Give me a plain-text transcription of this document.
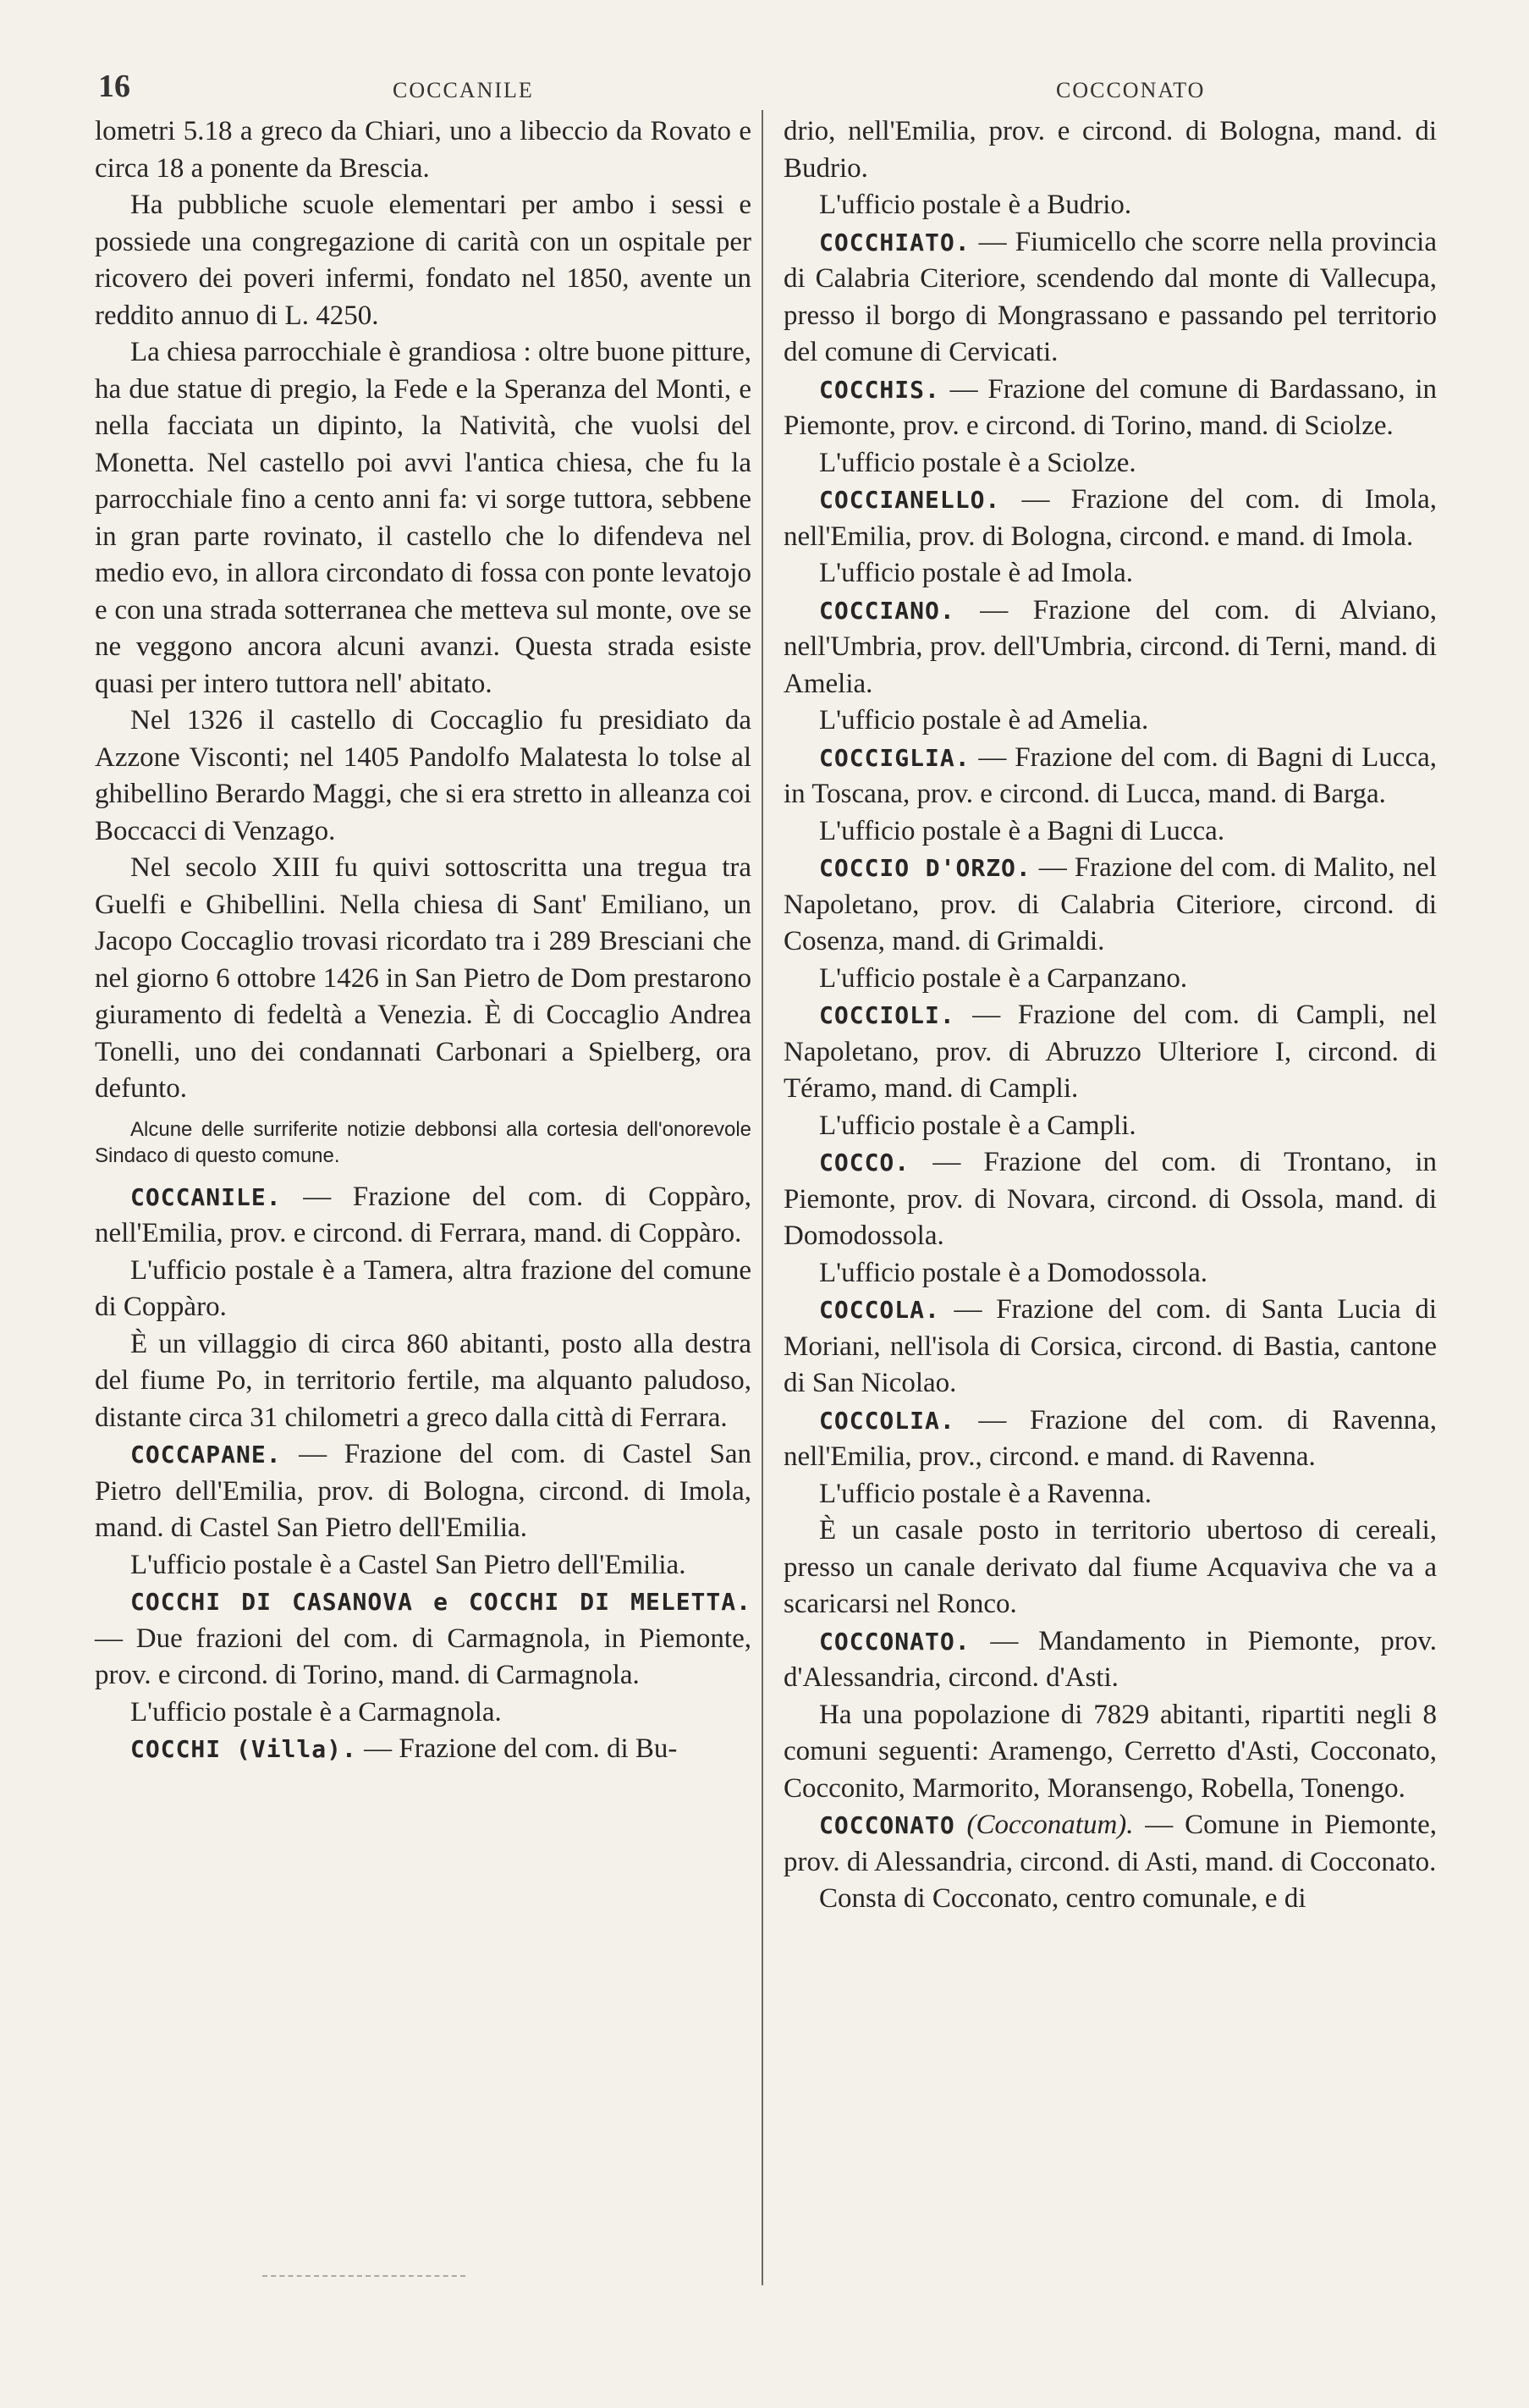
16	COCCANILE	COCCONATO

lometri 5.18 a greco da Chiari, uno a libeccio da Rovato e circa 18 a ponente da Brescia.

Ha pubbliche scuole elementari per ambo i sessi e possiede una congregazione di carità con un ospitale per ricovero dei poveri infermi, fondato nel 1850, avente un reddito annuo di L. 4250.

La chiesa parrocchiale è grandiosa : oltre buone pitture, ha due statue di pregio, la Fede e la Speranza del Monti, e nella facciata un dipinto, la Natività, che vuolsi del Monetta. Nel castello poi avvi l'antica chiesa, che fu la parrocchiale fino a cento anni fa: vi sorge tuttora, sebbene in gran parte rovinato, il castello che lo difendeva nel medio evo, in allora circondato di fossa con ponte levatojo e con una strada sotterranea che metteva sul monte, ove se ne veggono ancora alcuni avanzi. Questa strada esiste quasi per intero tuttora nell' abitato.

Nel 1326 il castello di Coccaglio fu presidiato da Azzone Visconti; nel 1405 Pandolfo Malatesta lo tolse al ghibellino Berardo Maggi, che si era stretto in alleanza coi Boccacci di Venzago.

Nel secolo XIII fu quivi sottoscritta una tregua tra Guelfi e Ghibellini. Nella chiesa di Sant' Emiliano, un Jacopo Coccaglio trovasi ricordato tra i 289 Bresciani che nel giorno 6 ottobre 1426 in San Pietro de Dom prestarono giuramento di fedeltà a Venezia. È di Coccaglio Andrea Tonelli, uno dei condannati Carbonari a Spielberg, ora defunto.

Alcune delle surriferite notizie debbonsi alla cortesia dell'onorevole Sindaco di questo comune.

COCCANILE. — Frazione del com. di Coppàro, nell'Emilia, prov. e circond. di Ferrara, mand. di Coppàro.

L'ufficio postale è a Tamera, altra frazione del comune di Coppàro.

È un villaggio di circa 860 abitanti, posto alla destra del fiume Po, in territorio fertile, ma alquanto paludoso, distante circa 31 chilometri a greco dalla città di Ferrara.

COCCAPANE. — Frazione del com. di Castel San Pietro dell'Emilia, prov. di Bologna, circond. di Imola, mand. di Castel San Pietro dell'Emilia.

L'ufficio postale è a Castel San Pietro dell'Emilia.

COCCHI DI CASANOVA e COCCHI DI MELETTA. — Due frazioni del com. di Carmagnola, in Piemonte, prov. e circond. di Torino, mand. di Carmagnola.

L'ufficio postale è a Carmagnola.

COCCHI (Villa). — Frazione del com. di Bu-

drio, nell'Emilia, prov. e circond. di Bologna, mand. di Budrio.

L'ufficio postale è a Budrio.

COCCHIATO. — Fiumicello che scorre nella provincia di Calabria Citeriore, scendendo dal monte di Vallecupa, presso il borgo di Mongrassano e passando pel territorio del comune di Cervicati.

COCCHIS. — Frazione del comune di Bardassano, in Piemonte, prov. e circond. di Torino, mand. di Sciolze.

L'ufficio postale è a Sciolze.

COCCIANELLO. — Frazione del com. di Imola, nell'Emilia, prov. di Bologna, circond. e mand. di Imola.

L'ufficio postale è ad Imola.

COCCIANO. — Frazione del com. di Alviano, nell'Umbria, prov. dell'Umbria, circond. di Terni, mand. di Amelia.

L'ufficio postale è ad Amelia.

COCCIGLIA. — Frazione del com. di Bagni di Lucca, in Toscana, prov. e circond. di Lucca, mand. di Barga.

L'ufficio postale è a Bagni di Lucca.

COCCIO D'ORZO. — Frazione del com. di Malito, nel Napoletano, prov. di Calabria Citeriore, circond. di Cosenza, mand. di Grimaldi.

L'ufficio postale è a Carpanzano.

COCCIOLI. — Frazione del com. di Campli, nel Napoletano, prov. di Abruzzo Ulteriore I, circond. di Téramo, mand. di Campli.

L'ufficio postale è a Campli.

COCCO. — Frazione del com. di Trontano, in Piemonte, prov. di Novara, circond. di Ossola, mand. di Domodossola.

L'ufficio postale è a Domodossola.

COCCOLA. — Frazione del com. di Santa Lucia di Moriani, nell'isola di Corsica, circond. di Bastia, cantone di San Nicolao.

COCCOLIA. — Frazione del com. di Ravenna, nell'Emilia, prov., circond. e mand. di Ravenna.

L'ufficio postale è a Ravenna.

È un casale posto in territorio ubertoso di cereali, presso un canale derivato dal fiume Acquaviva che va a scaricarsi nel Ronco.

COCCONATO. — Mandamento in Piemonte, prov. d'Alessandria, circond. d'Asti.

Ha una popolazione di 7829 abitanti, ripartiti negli 8 comuni seguenti: Aramengo, Cerretto d'Asti, Cocconato, Cocconito, Marmorito, Moransengo, Robella, Tonengo.

COCCONATO (Cocconatum). — Comune in Piemonte, prov. di Alessandria, circond. di Asti, mand. di Cocconato.

Consta di Cocconato, centro comunale, e di
